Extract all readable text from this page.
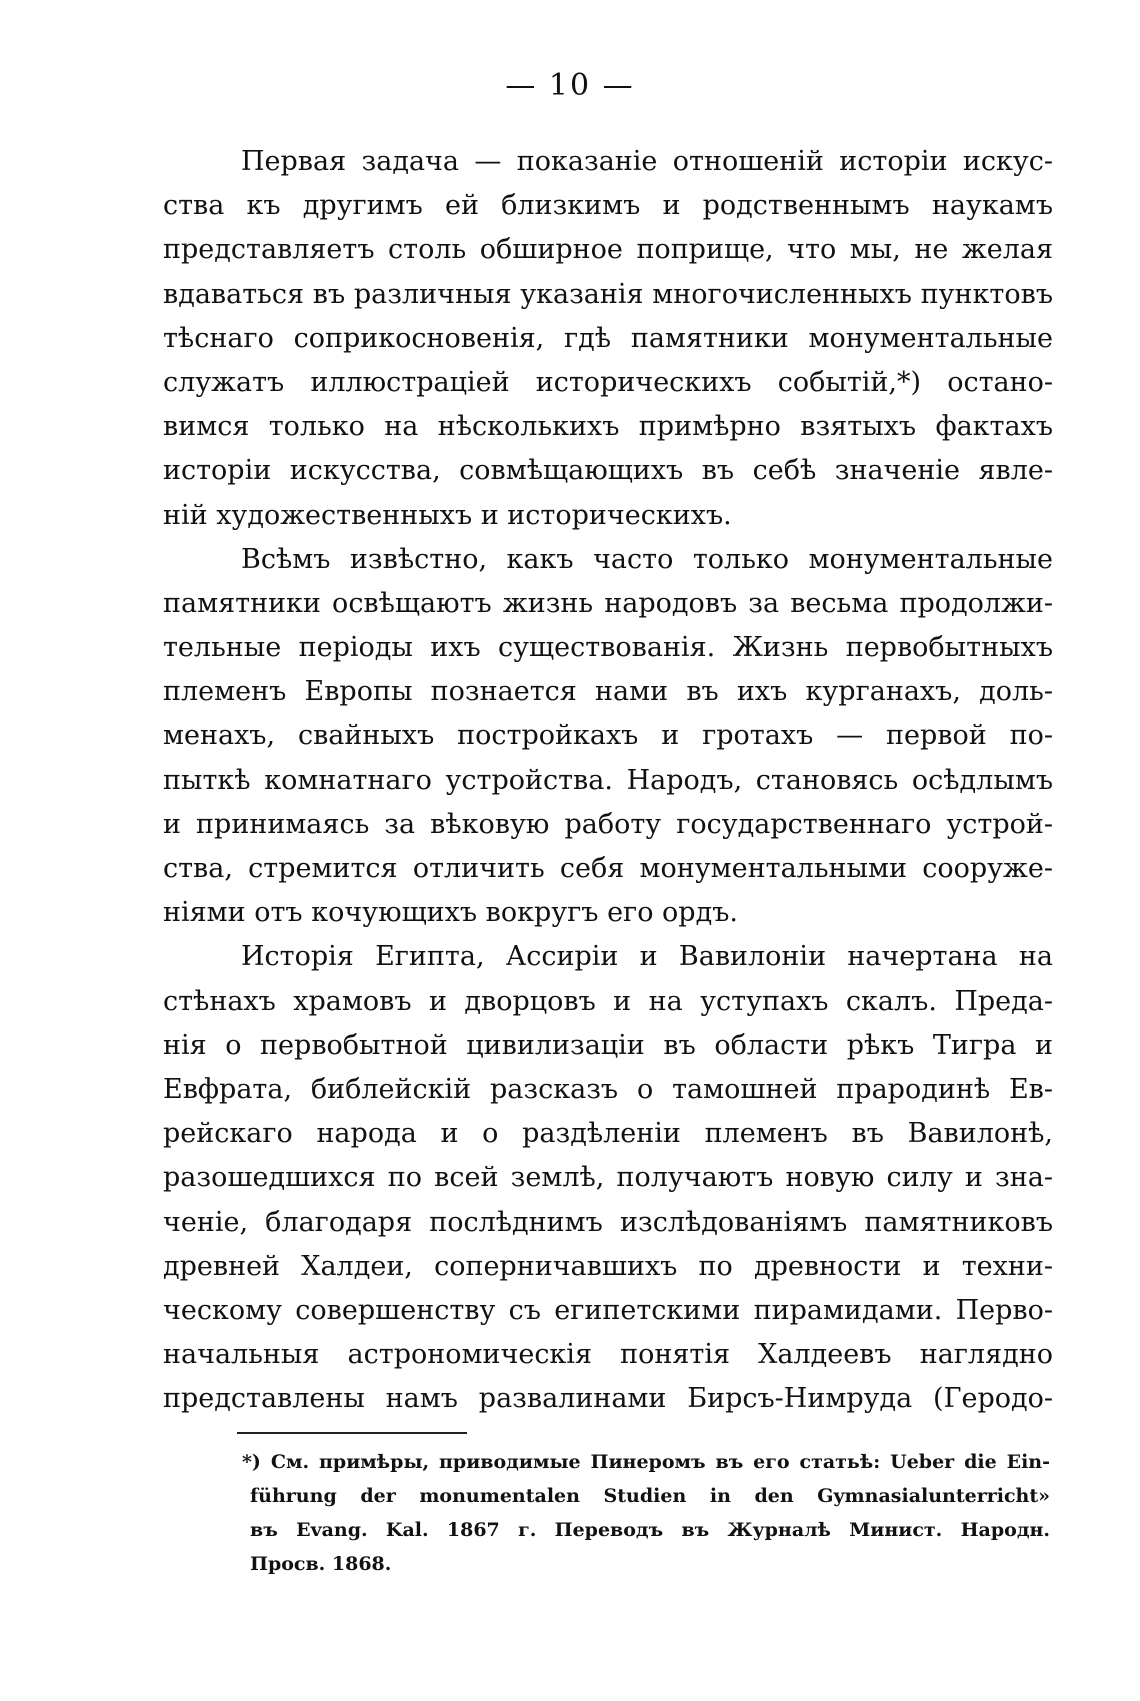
— 10 —
Первая задача — показаніе отношеній исторіи искус-
ства къ другимъ ей близкимъ и родственнымъ наукамъ
представляетъ столь обширное поприще, что мы, не желая
вдаваться въ различныя указанія многочисленныхъ пунктовъ
тѣснаго соприкосновенія, гдѣ памятники монументальные
служатъ иллюстраціей историческихъ событій,*) остано-
вимся только на нѣсколькихъ примѣрно взятыхъ фактахъ
исторіи искусства, совмѣщающихъ въ себѣ значеніе явле-
ній художественныхъ и историческихъ.
Всѣмъ извѣстно, какъ часто только монументальные
памятники освѣщаютъ жизнь народовъ за весьма продолжи-
тельные періоды ихъ существованія. Жизнь первобытныхъ
племенъ Европы познается нами въ ихъ курганахъ, доль-
менахъ, свайныхъ постройкахъ и гротахъ — первой по-
пыткѣ комнатнаго устройства. Народъ, становясь осѣдлымъ
и принимаясь за вѣковую работу государственнаго устрой-
ства, стремится отличить себя монументальными сооруже-
ніями отъ кочующихъ вокругъ его ордъ.
Исторія Египта, Ассиріи и Вавилоніи начертана на
стѣнахъ храмовъ и дворцовъ и на уступахъ скалъ. Преда-
нія о первобытной цивилизаціи въ области рѣкъ Тигра и
Евфрата, библейскій разсказъ о тамошней прародинѣ Ев-
рейскаго народа и о раздѣленіи племенъ въ Вавилонѣ,
разошедшихся по всей землѣ, получаютъ новую силу и зна-
ченіе, благодаря послѣднимъ изслѣдованіямъ памятниковъ
древней Халдеи, соперничавшихъ по древности и техни-
ческому совершенству съ египетскими пирамидами. Перво-
начальныя астрономическія понятія Халдеевъ наглядно
представлены намъ развалинами Бирсъ-Нимруда (Геродо-
*) См. примѣры, приводимые Пинеромъ въ его статьѣ: Ueber die Ein-
führung der monumentalen Studien in den Gymnasialunterricht»
въ Evang. Kal. 1867 г. Переводъ въ Журналѣ Минист. Народн.
Просв. 1868.
